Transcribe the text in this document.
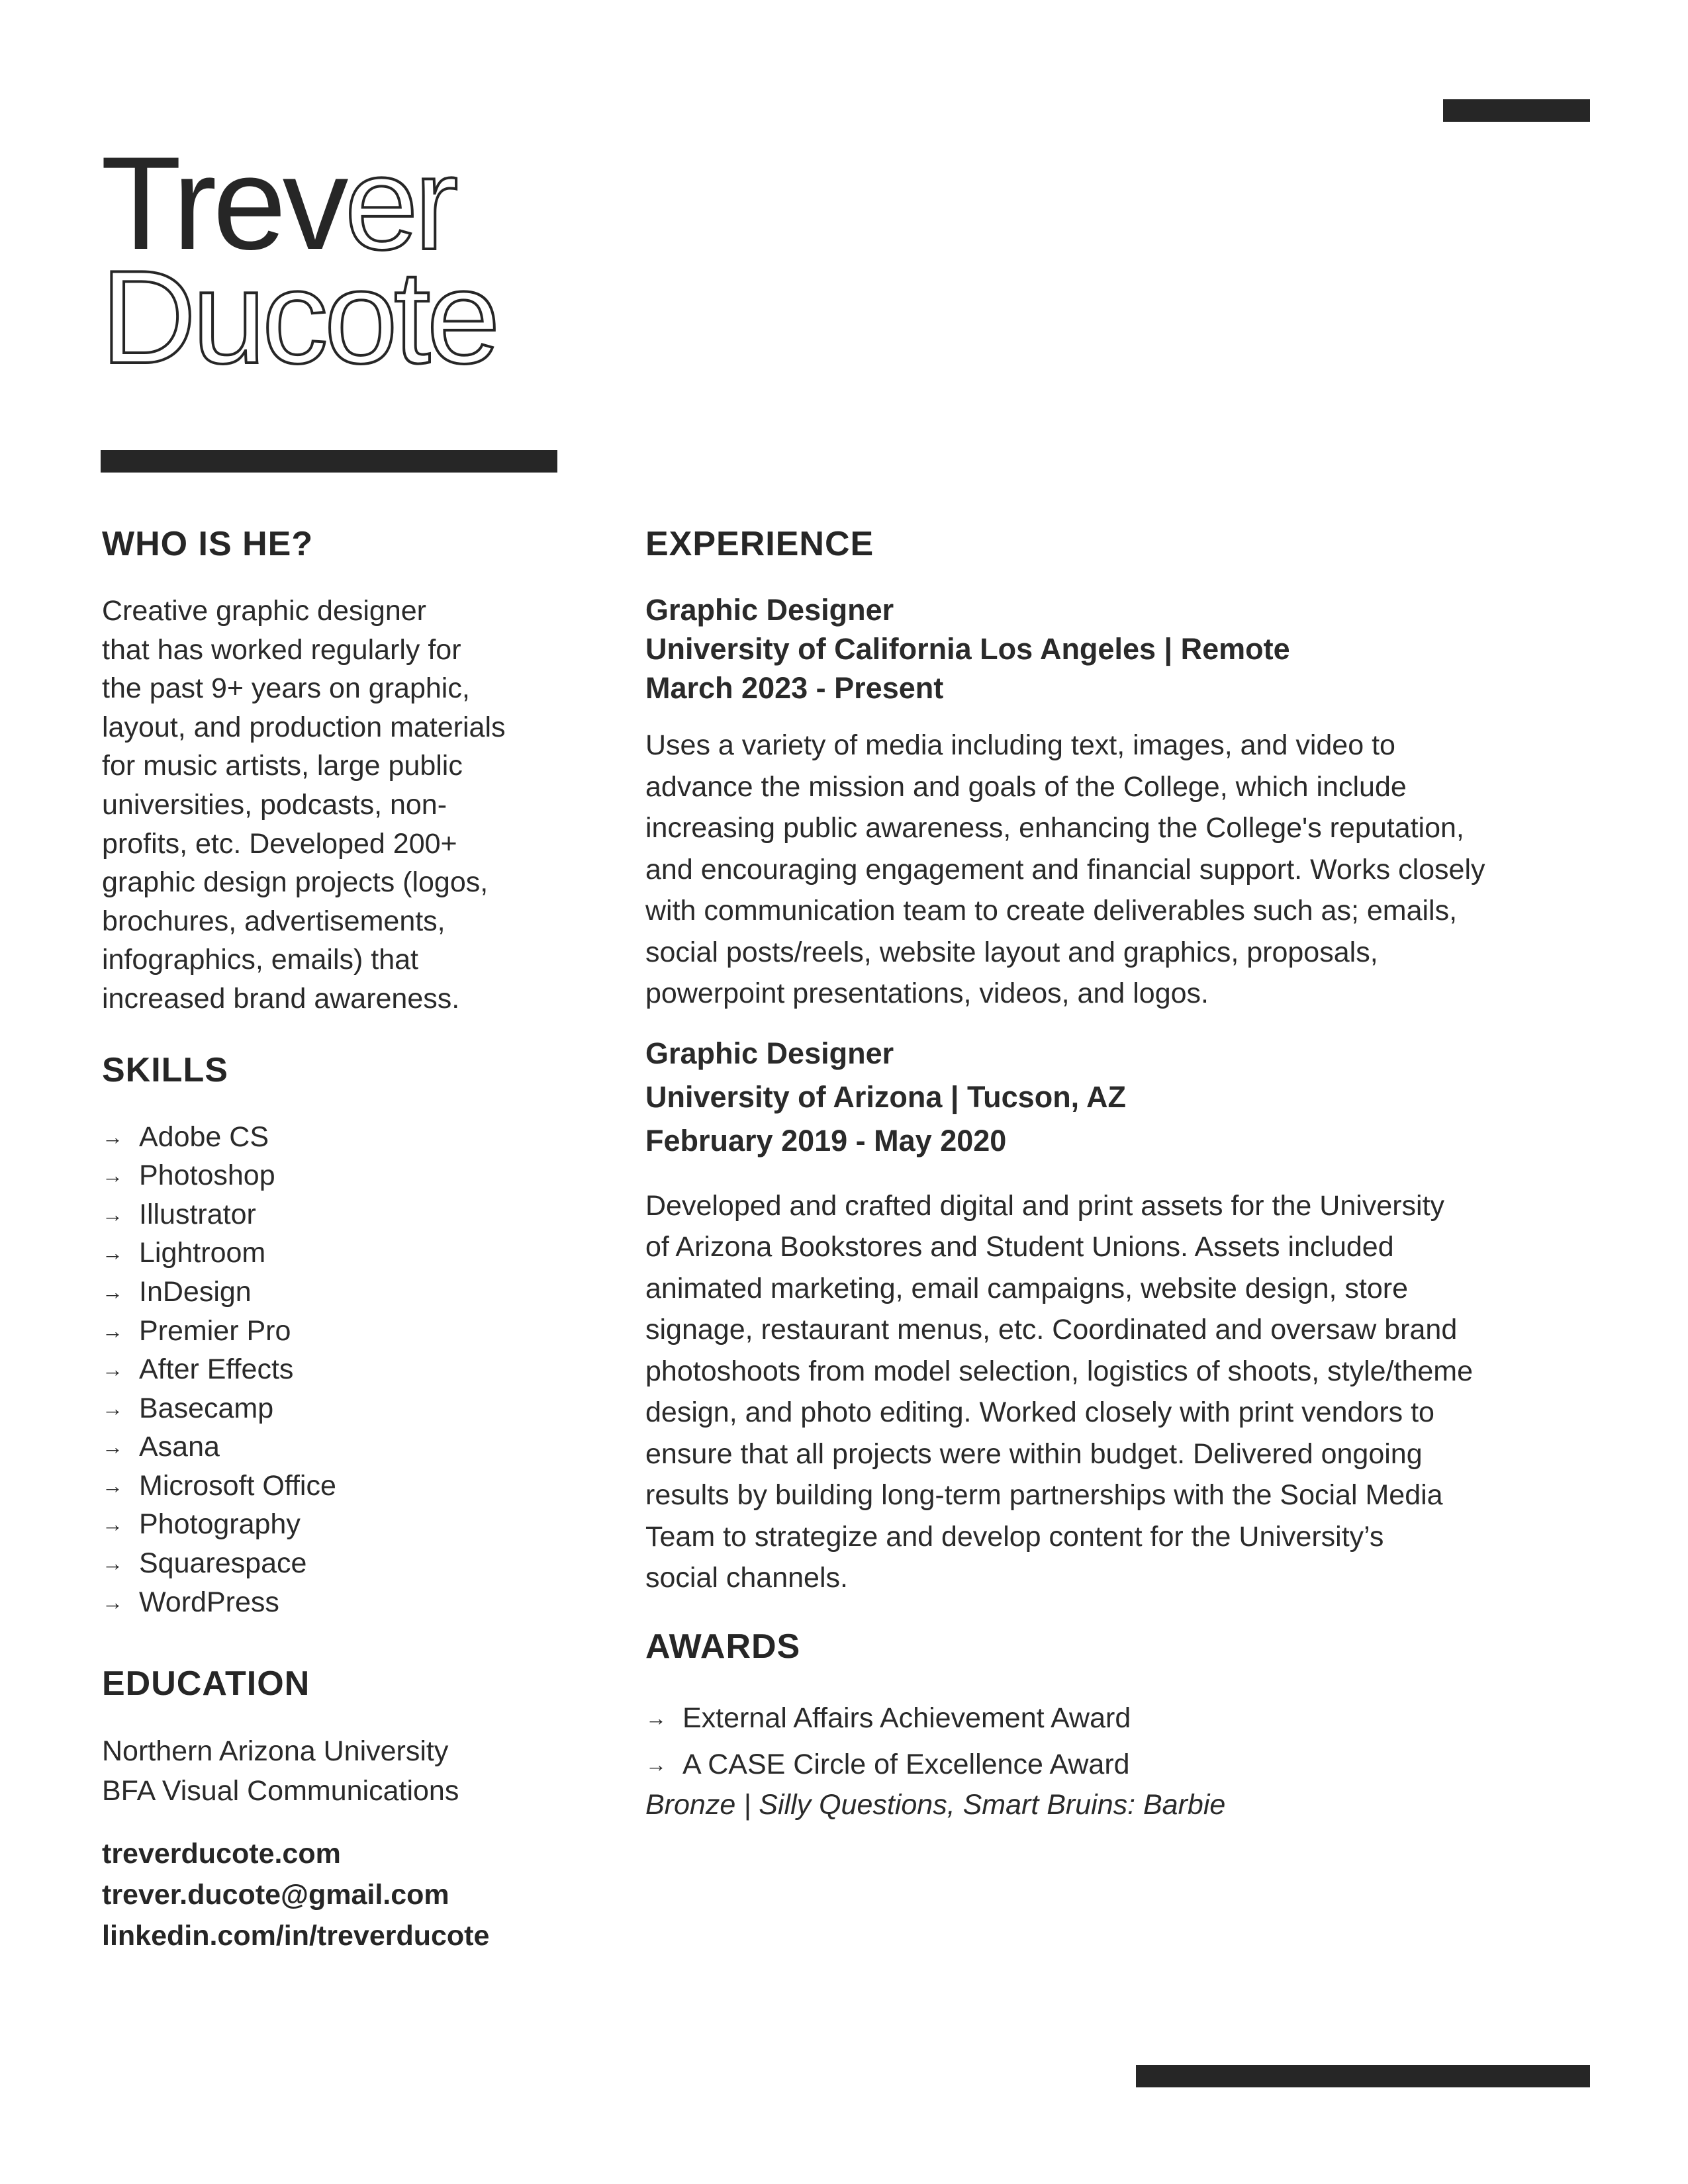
Trever
Ducote
WHO IS HE?
Creative graphic designer
that has worked regularly for
the past 9+ years on graphic,
layout, and production materials
for music artists, large public
universities, podcasts, non-
profits, etc. Developed 200+
graphic design projects (logos,
brochures, advertisements,
infographics, emails) that
increased brand awareness.
SKILLS
→ Adobe CS
→ Photoshop
→ Illustrator
→ Lightroom
→ InDesign
→ Premier Pro
→ After Effects
→ Basecamp
→ Asana
→ Microsoft Office
→ Photography
→ Squarespace
→ WordPress
EDUCATION
Northern Arizona University
BFA Visual Communications
treverducote.com
trever.ducote@gmail.com
linkedin.com/in/treverducote
EXPERIENCE
Graphic Designer
University of California Los Angeles | Remote
March 2023 - Present
Uses a variety of media including text, images, and video to
advance the mission and goals of the College, which include
increasing public awareness, enhancing the College's reputation,
and encouraging engagement and financial support. Works closely
with communication team to create deliverables such as; emails,
social posts/reels, website layout and graphics, proposals,
powerpoint presentations, videos, and logos.
Graphic Designer
University of Arizona | Tucson, AZ
February 2019 - May 2020
Developed and crafted digital and print assets for the University
of Arizona Bookstores and Student Unions. Assets included
animated marketing, email campaigns, website design, store
signage, restaurant menus, etc. Coordinated and oversaw brand
photoshoots from model selection, logistics of shoots, style/theme
design, and photo editing. Worked closely with print vendors to
ensure that all projects were within budget. Delivered ongoing
results by building long-term partnerships with the Social Media
Team to strategize and develop content for the University’s
social channels.
AWARDS
→ External Affairs Achievement Award
→ A CASE Circle of Excellence Award
Bronze | Silly Questions, Smart Bruins: Barbie
